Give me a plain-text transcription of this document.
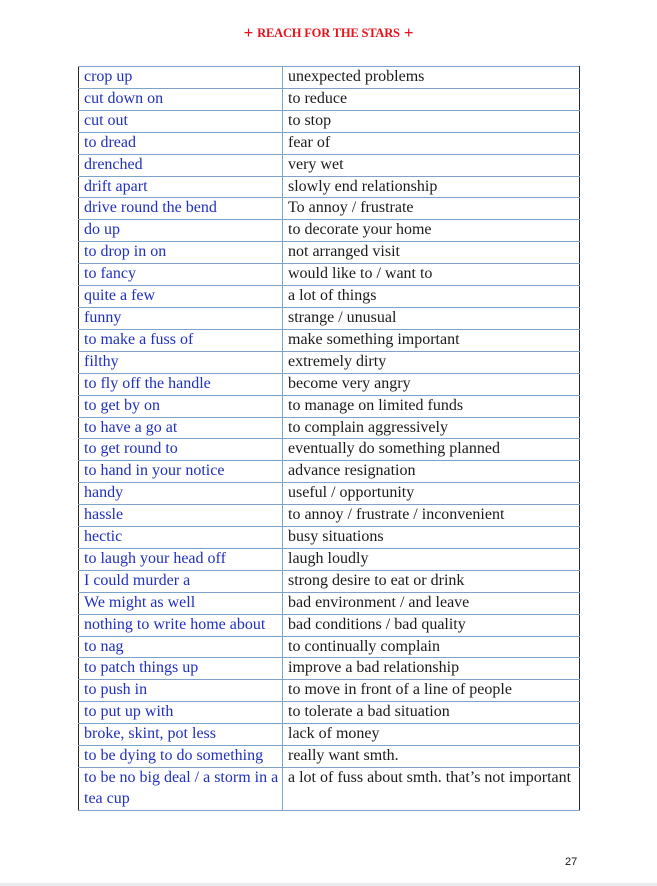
+ REACH FOR THE STARS +
crop up	unexpected problems
cut down on	to reduce
cut out	to stop
to dread	fear of
drenched	very wet
drift apart	slowly end relationship
drive round the bend	To annoy / frustrate
do up	to decorate your home
to drop in on	not arranged visit
to fancy	would like to / want to
quite a few	a lot of things
funny	strange / unusual
to make a fuss of	make something important
filthy	extremely dirty
to fly off the handle	become very angry
to get by on	to manage on limited funds
to have a go at	to complain aggressively
to get round to	eventually do something planned
to hand in your notice	advance resignation
handy	useful / opportunity
hassle	to annoy / frustrate / inconvenient
hectic	busy situations
to laugh your head off	laugh loudly
I could murder a	strong desire to eat or drink
We might as well	bad environment / and leave
nothing to write home about	bad conditions / bad quality
to nag	to continually complain
to patch things up	improve a bad relationship
to push in	to move in front of a line of people
to put up with	to tolerate a bad situation
broke, skint, pot less	lack of money
to be dying to do something	really want smth.
to be no big deal / a storm in a tea cup	a lot of fuss about smth. that’s not important
27
